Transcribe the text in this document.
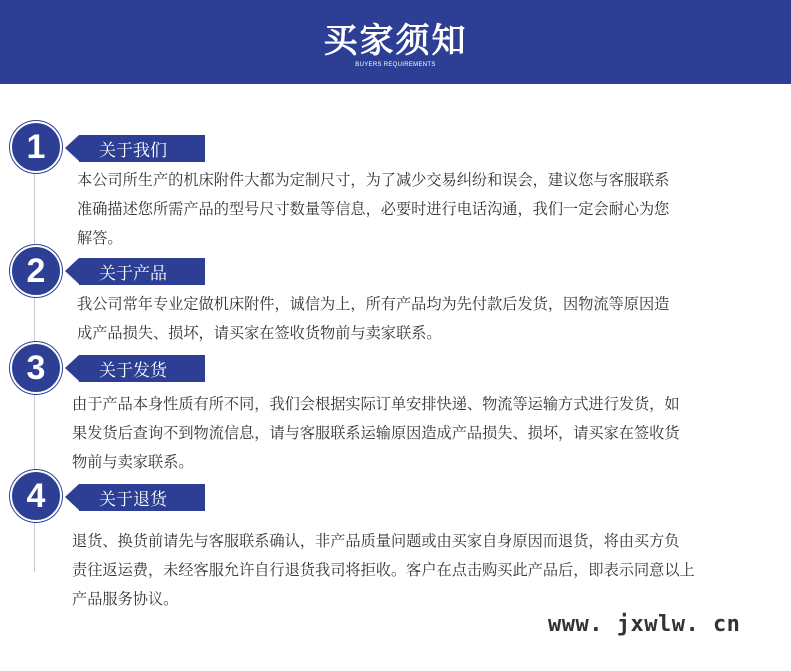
买家须知
BUYERS REQUIREMENTS
1	关于我们
本公司所生产的机床附件大都为定制尺寸，为了减少交易纠纷和误会，建议您与客服联系
准确描述您所需产品的型号尺寸数量等信息，必要时进行电话沟通，我们一定会耐心为您
解答。
2	关于产品
我公司常年专业定做机床附件，诚信为上，所有产品均为先付款后发货，因物流等原因造
成产品损失、损坏，请买家在签收货物前与卖家联系。
3	关于发货
由于产品本身性质有所不同，我们会根据实际订单安排快递、物流等运输方式进行发货，如
果发货后查询不到物流信息，请与客服联系运输原因造成产品损失、损坏，请买家在签收货
物前与卖家联系。
4	关于退货
退货、换货前请先与客服联系确认，非产品质量问题或由买家自身原因而退货，将由买方负
责往返运费，未经客服允许自行退货我司将拒收。客户在点击购买此产品后，即表示同意以上
产品服务协议。
www. jxwlw. cn
